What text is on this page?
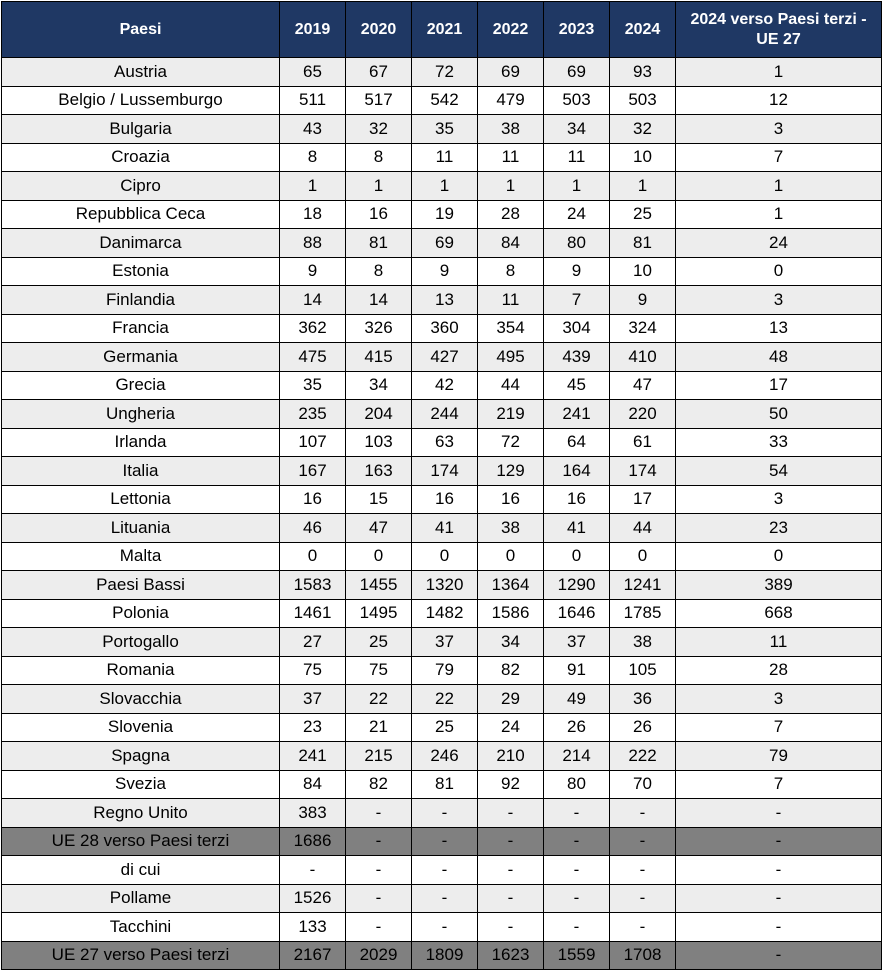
Paesi	2019	2020	2021	2022	2023	2024	2024 verso Paesi terzi - UE 27
Austria	65	67	72	69	69	93	1
Belgio / Lussemburgo	511	517	542	479	503	503	12
Bulgaria	43	32	35	38	34	32	3
Croazia	8	8	11	11	11	10	7
Cipro	1	1	1	1	1	1	1
Repubblica Ceca	18	16	19	28	24	25	1
Danimarca	88	81	69	84	80	81	24
Estonia	9	8	9	8	9	10	0
Finlandia	14	14	13	11	7	9	3
Francia	362	326	360	354	304	324	13
Germania	475	415	427	495	439	410	48
Grecia	35	34	42	44	45	47	17
Ungheria	235	204	244	219	241	220	50
Irlanda	107	103	63	72	64	61	33
Italia	167	163	174	129	164	174	54
Lettonia	16	15	16	16	16	17	3
Lituania	46	47	41	38	41	44	23
Malta	0	0	0	0	0	0	0
Paesi Bassi	1583	1455	1320	1364	1290	1241	389
Polonia	1461	1495	1482	1586	1646	1785	668
Portogallo	27	25	37	34	37	38	11
Romania	75	75	79	82	91	105	28
Slovacchia	37	22	22	29	49	36	3
Slovenia	23	21	25	24	26	26	7
Spagna	241	215	246	210	214	222	79
Svezia	84	82	81	92	80	70	7
Regno Unito	383	-	-	-	-	-	-
UE 28 verso Paesi terzi	1686	-	-	-	-	-	-
di cui	-	-	-	-	-	-	-
Pollame	1526	-	-	-	-	-	-
Tacchini	133	-	-	-	-	-	-
UE 27 verso Paesi terzi	2167	2029	1809	1623	1559	1708	-
